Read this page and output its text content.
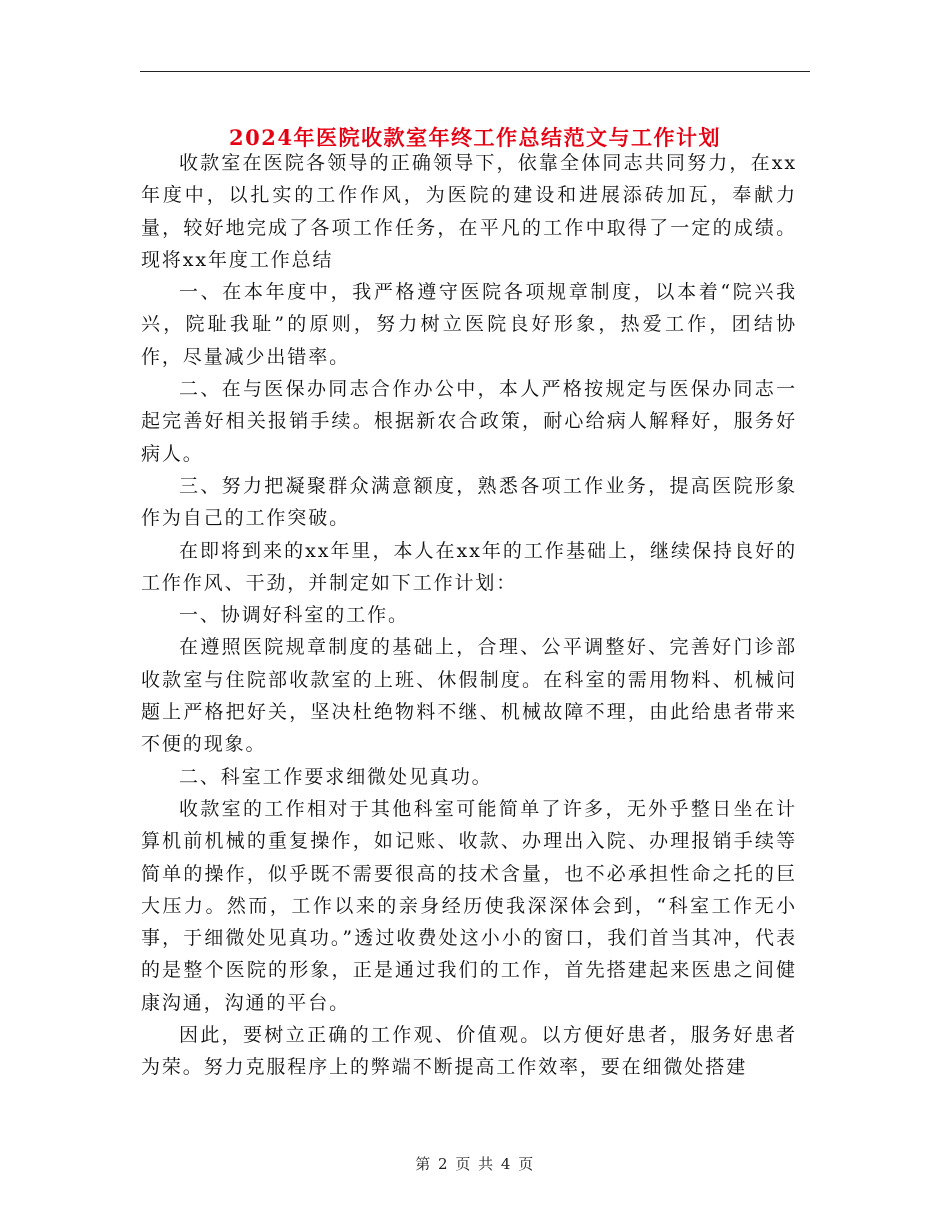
2024年医院收款室年终工作总结范文与工作计划

收款室在医院各领导的正确领导下，依靠全体同志共同努力，在xx年度中，以扎实的工作作风，为医院的建设和进展添砖加瓦，奉献力量，较好地完成了各项工作任务，在平凡的工作中取得了一定的成绩。现将xx年度工作总结

一、在本年度中，我严格遵守医院各项规章制度，以本着“院兴我兴，院耻我耻”的原则，努力树立医院良好形象，热爱工作，团结协作，尽量减少出错率。

二、在与医保办同志合作办公中，本人严格按规定与医保办同志一起完善好相关报销手续。根据新农合政策，耐心给病人解释好，服务好病人。

三、努力把凝聚群众满意额度，熟悉各项工作业务，提高医院形象作为自己的工作突破。

在即将到来的xx年里，本人在xx年的工作基础上，继续保持良好的工作作风、干劲，并制定如下工作计划：

一、协调好科室的工作。

在遵照医院规章制度的基础上，合理、公平调整好、完善好门诊部收款室与住院部收款室的上班、休假制度。在科室的需用物料、机械问题上严格把好关，坚决杜绝物料不继、机械故障不理，由此给患者带来不便的现象。

二、科室工作要求细微处见真功。

收款室的工作相对于其他科室可能简单了许多，无外乎整日坐在计算机前机械的重复操作，如记账、收款、办理出入院、办理报销手续等简单的操作，似乎既不需要很高的技术含量，也不必承担性命之托的巨大压力。然而，工作以来的亲身经历使我深深体会到，“科室工作无小事，于细微处见真功。”透过收费处这小小的窗口，我们首当其冲，代表的是整个医院的形象，正是通过我们的工作，首先搭建起来医患之间健康沟通，沟通的平台。

因此，要树立正确的工作观、价值观。以方便好患者，服务好患者为荣。努力克服程序上的弊端不断提高工作效率，要在细微处搭建

第 2 页 共 4 页
